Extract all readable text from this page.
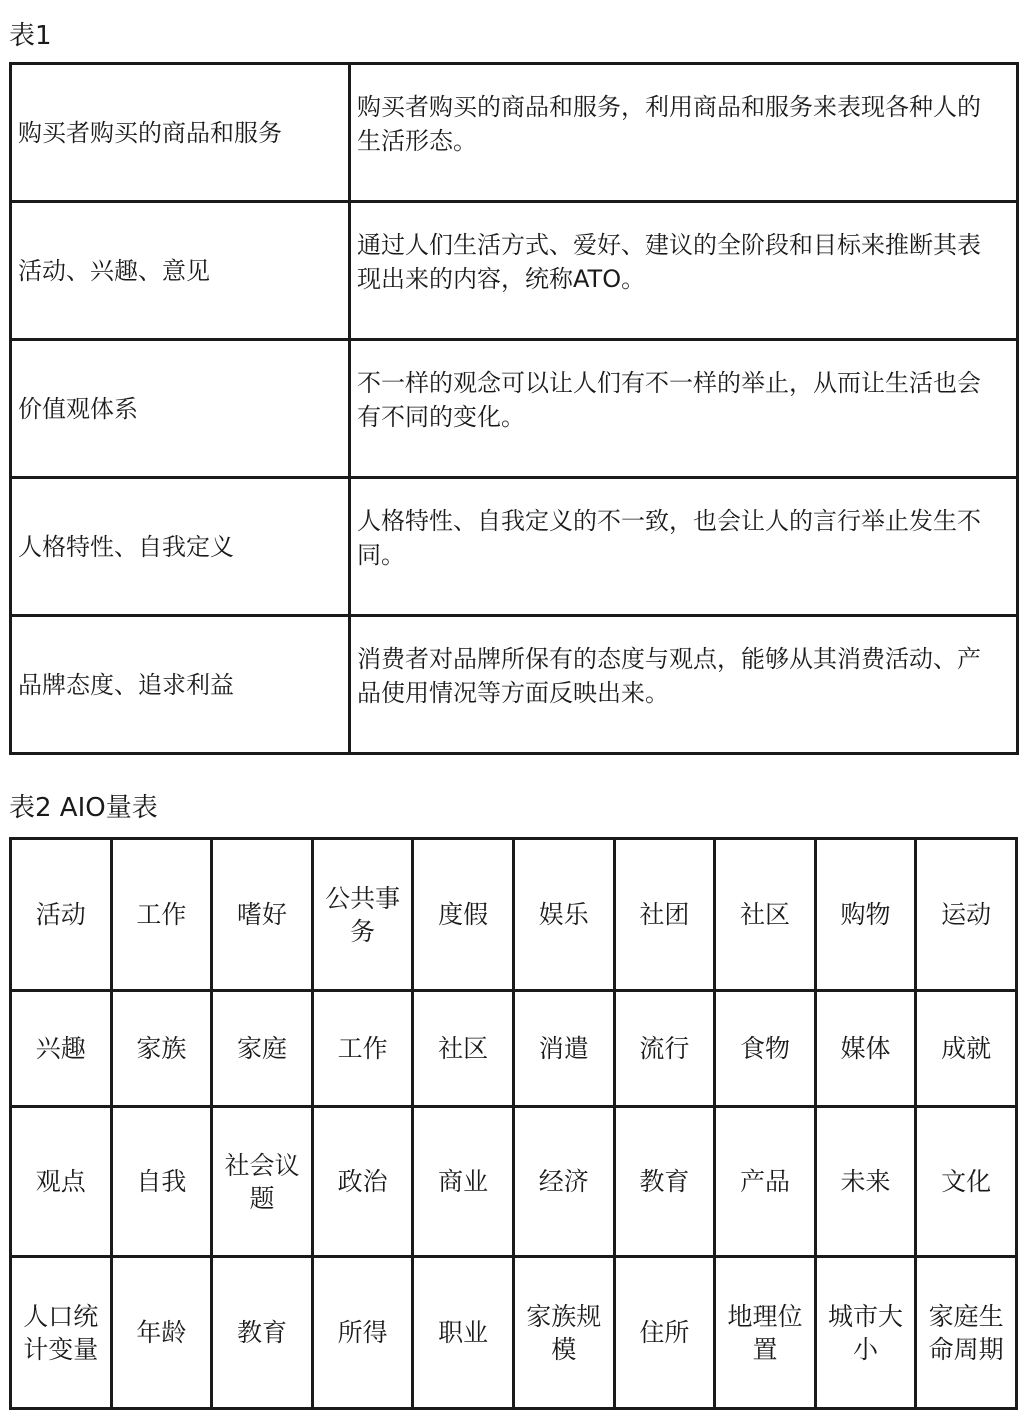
表1
购买者购买的商品和服务	购买者购买的商品和服务，利用商品和服务来表现各种人的生活形态。
活动、兴趣、意见	通过人们生活方式、爱好、建议的全阶段和目标来推断其表现出来的内容，统称ATO。
价值观体系	不一样的观念可以让人们有不一样的举止，从而让生活也会有不同的变化。
人格特性、自我定义	人格特性、自我定义的不一致，也会让人的言行举止发生不同。
品牌态度、追求利益	消费者对品牌所保有的态度与观点，能够从其消费活动、产品使用情况等方面反映出来。
表2 AIO量表
活动	工作	嗜好	公共事务	度假	娱乐	社团	社区	购物	运动
兴趣	家族	家庭	工作	社区	消遣	流行	食物	媒体	成就
观点	自我	社会议题	政治	商业	经济	教育	产品	未来	文化
人口统计变量	年龄	教育	所得	职业	家族规模	住所	地理位置	城市大小	家庭生命周期
